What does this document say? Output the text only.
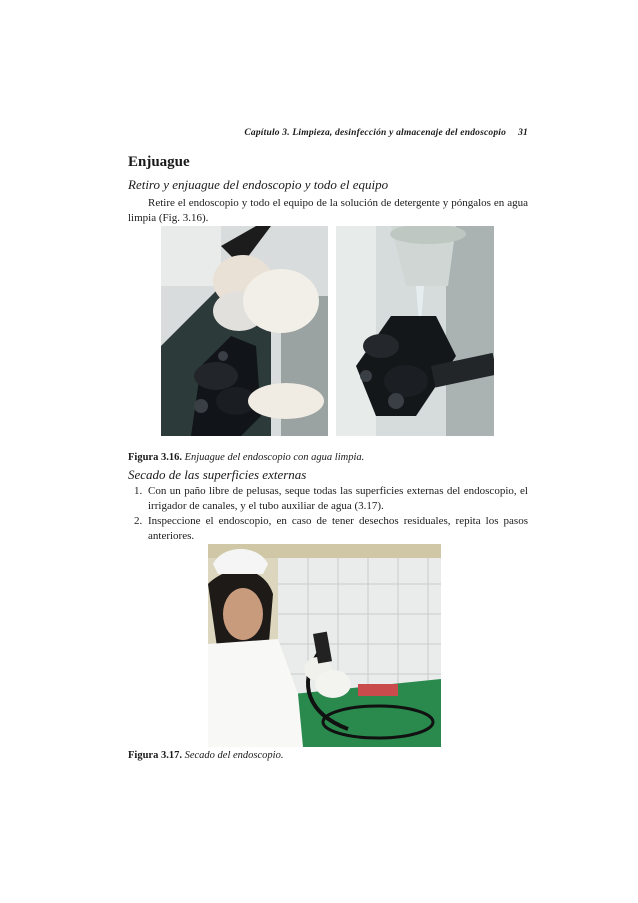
Capítulo 3. Limpieza, desinfección y almacenaje del endoscopio 31
Enjuague
Retiro y enjuague del endoscopio y todo el equipo
Retire el endoscopio y todo el equipo de la solución de detergente y póngalos en agua limpia (Fig. 3.16).
Figura 3.16. Enjuague del endoscopio con agua limpia.
Secado de las superficies externas
1. Con un paño libre de pelusas, seque todas las superficies externas del endoscopio, el irrigador de canales, y el tubo auxiliar de agua (3.17).
2. Inspeccione el endoscopio, en caso de tener desechos residuales, repita los pasos anteriores.
Figura 3.17. Secado del endoscopio.
